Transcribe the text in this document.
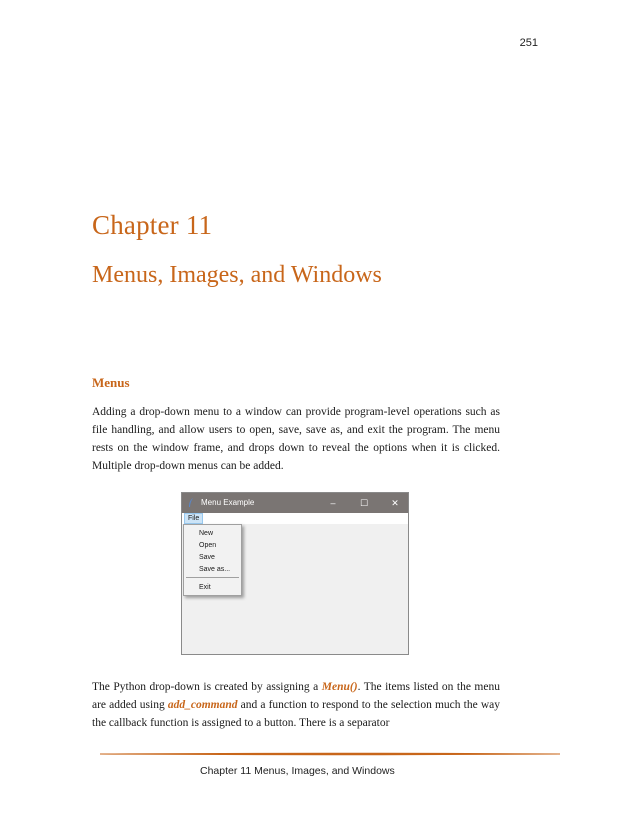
251
Chapter 11
Menus, Images, and Windows
Menus
Adding a drop-down menu to a window can provide program-level operations such as file handling, and allow users to open, save, save as, and exit the program. The menu rests on the window frame, and drops down to reveal the options when it is clicked. Multiple drop-down menus can be added.
Menu Example	–	☐	✕
File
New
Open
Save
Save as...
Exit
The Python drop-down is created by assigning a Menu(). The items listed on the menu are added using add_command and a function to respond to the selection much the way the callback function is assigned to a button. There is a separator
Chapter 11 Menus, Images, and Windows
